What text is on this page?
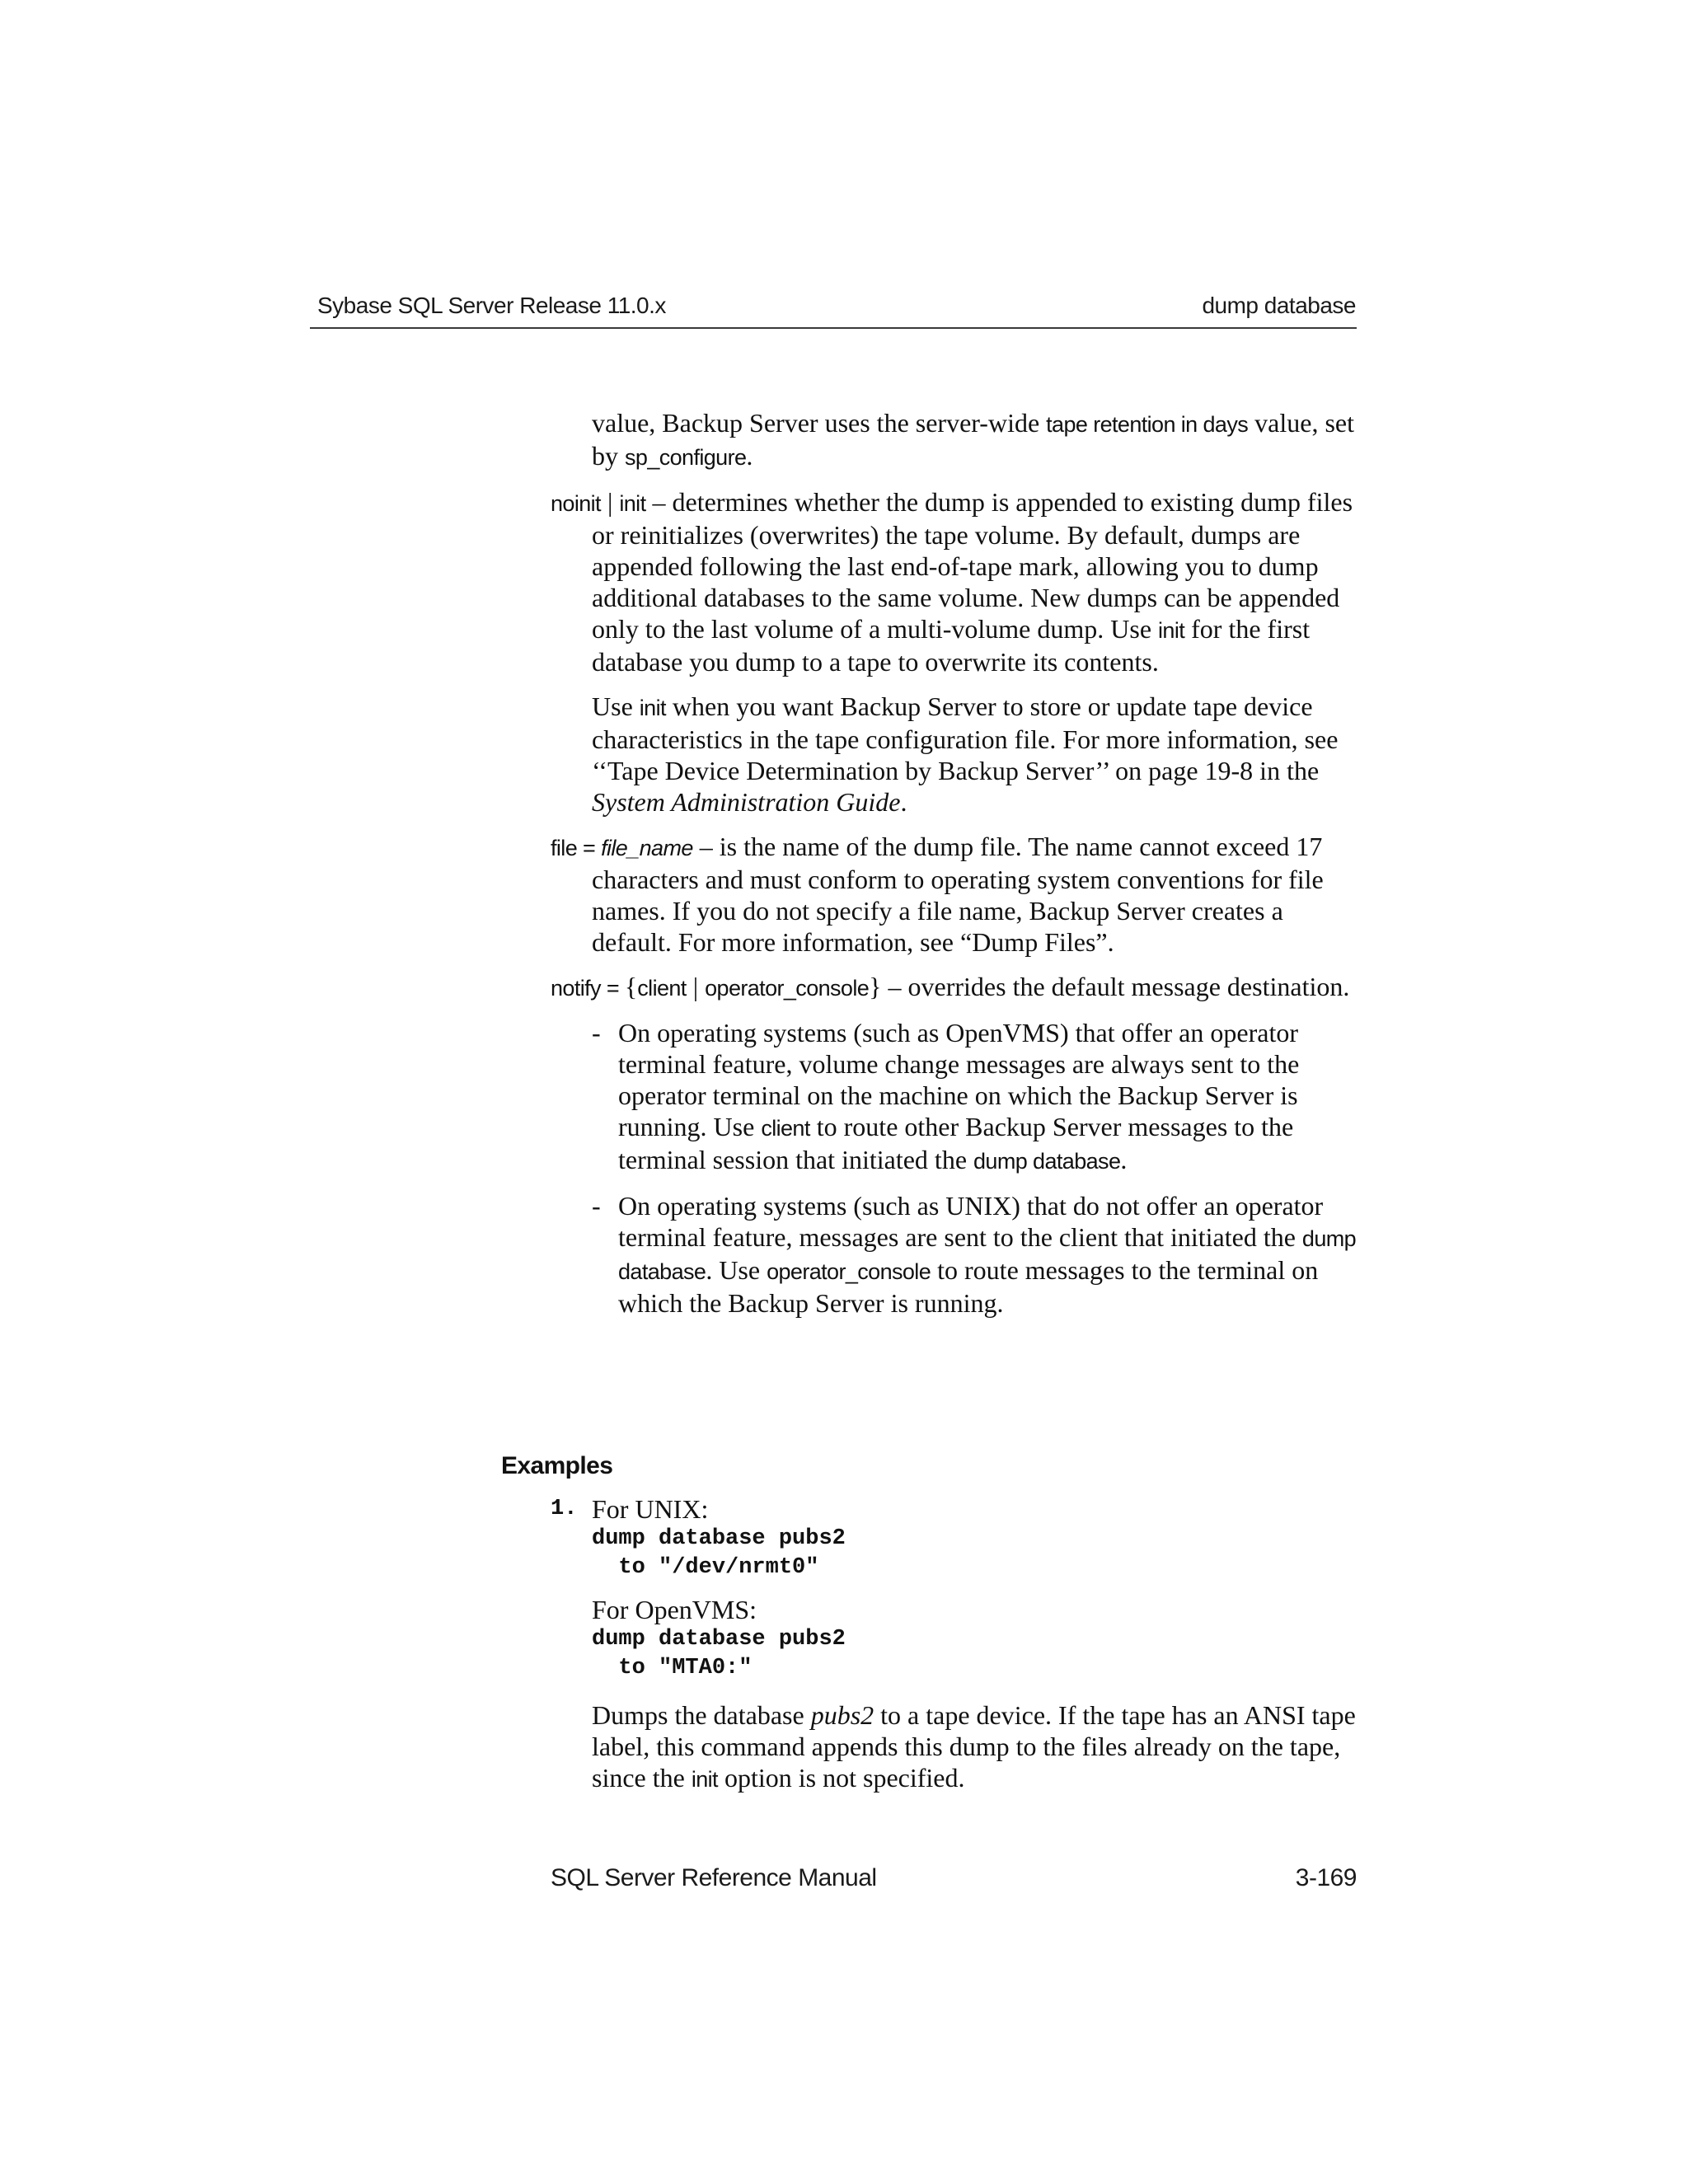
Sybase SQL Server Release 11.0.x	dump database

value, Backup Server uses the server-wide tape retention in days value, set by sp_configure.

noinit | init – determines whether the dump is appended to existing dump files or reinitializes (overwrites) the tape volume. By default, dumps are appended following the last end-of-tape mark, allowing you to dump additional databases to the same volume. New dumps can be appended only to the last volume of a multi-volume dump. Use init for the first database you dump to a tape to overwrite its contents.

Use init when you want Backup Server to store or update tape device characteristics in the tape configuration file. For more information, see ‘‘Tape Device Determination by Backup Server’’ on page 19-8 in the System Administration Guide.

file = file_name – is the name of the dump file. The name cannot exceed 17 characters and must conform to operating system conventions for file names. If you do not specify a file name, Backup Server creates a default. For more information, see “Dump Files”.

notify = {client | operator_console} – overrides the default message destination.

- On operating systems (such as OpenVMS) that offer an operator terminal feature, volume change messages are always sent to the operator terminal on the machine on which the Backup Server is running. Use client to route other Backup Server messages to the terminal session that initiated the dump database.
- On operating systems (such as UNIX) that do not offer an operator terminal feature, messages are sent to the client that initiated the dump database. Use operator_console to route messages to the terminal on which the Backup Server is running.
Examples
1. For UNIX:
dump database pubs2
to "/dev/nrmt0"
For OpenVMS:
dump database pubs2
to "MTA0:"
Dumps the database pubs2 to a tape device. If the tape has an ANSI tape label, this command appends this dump to the files already on the tape, since the init option is not specified.
SQL Server Reference Manual	3-169
